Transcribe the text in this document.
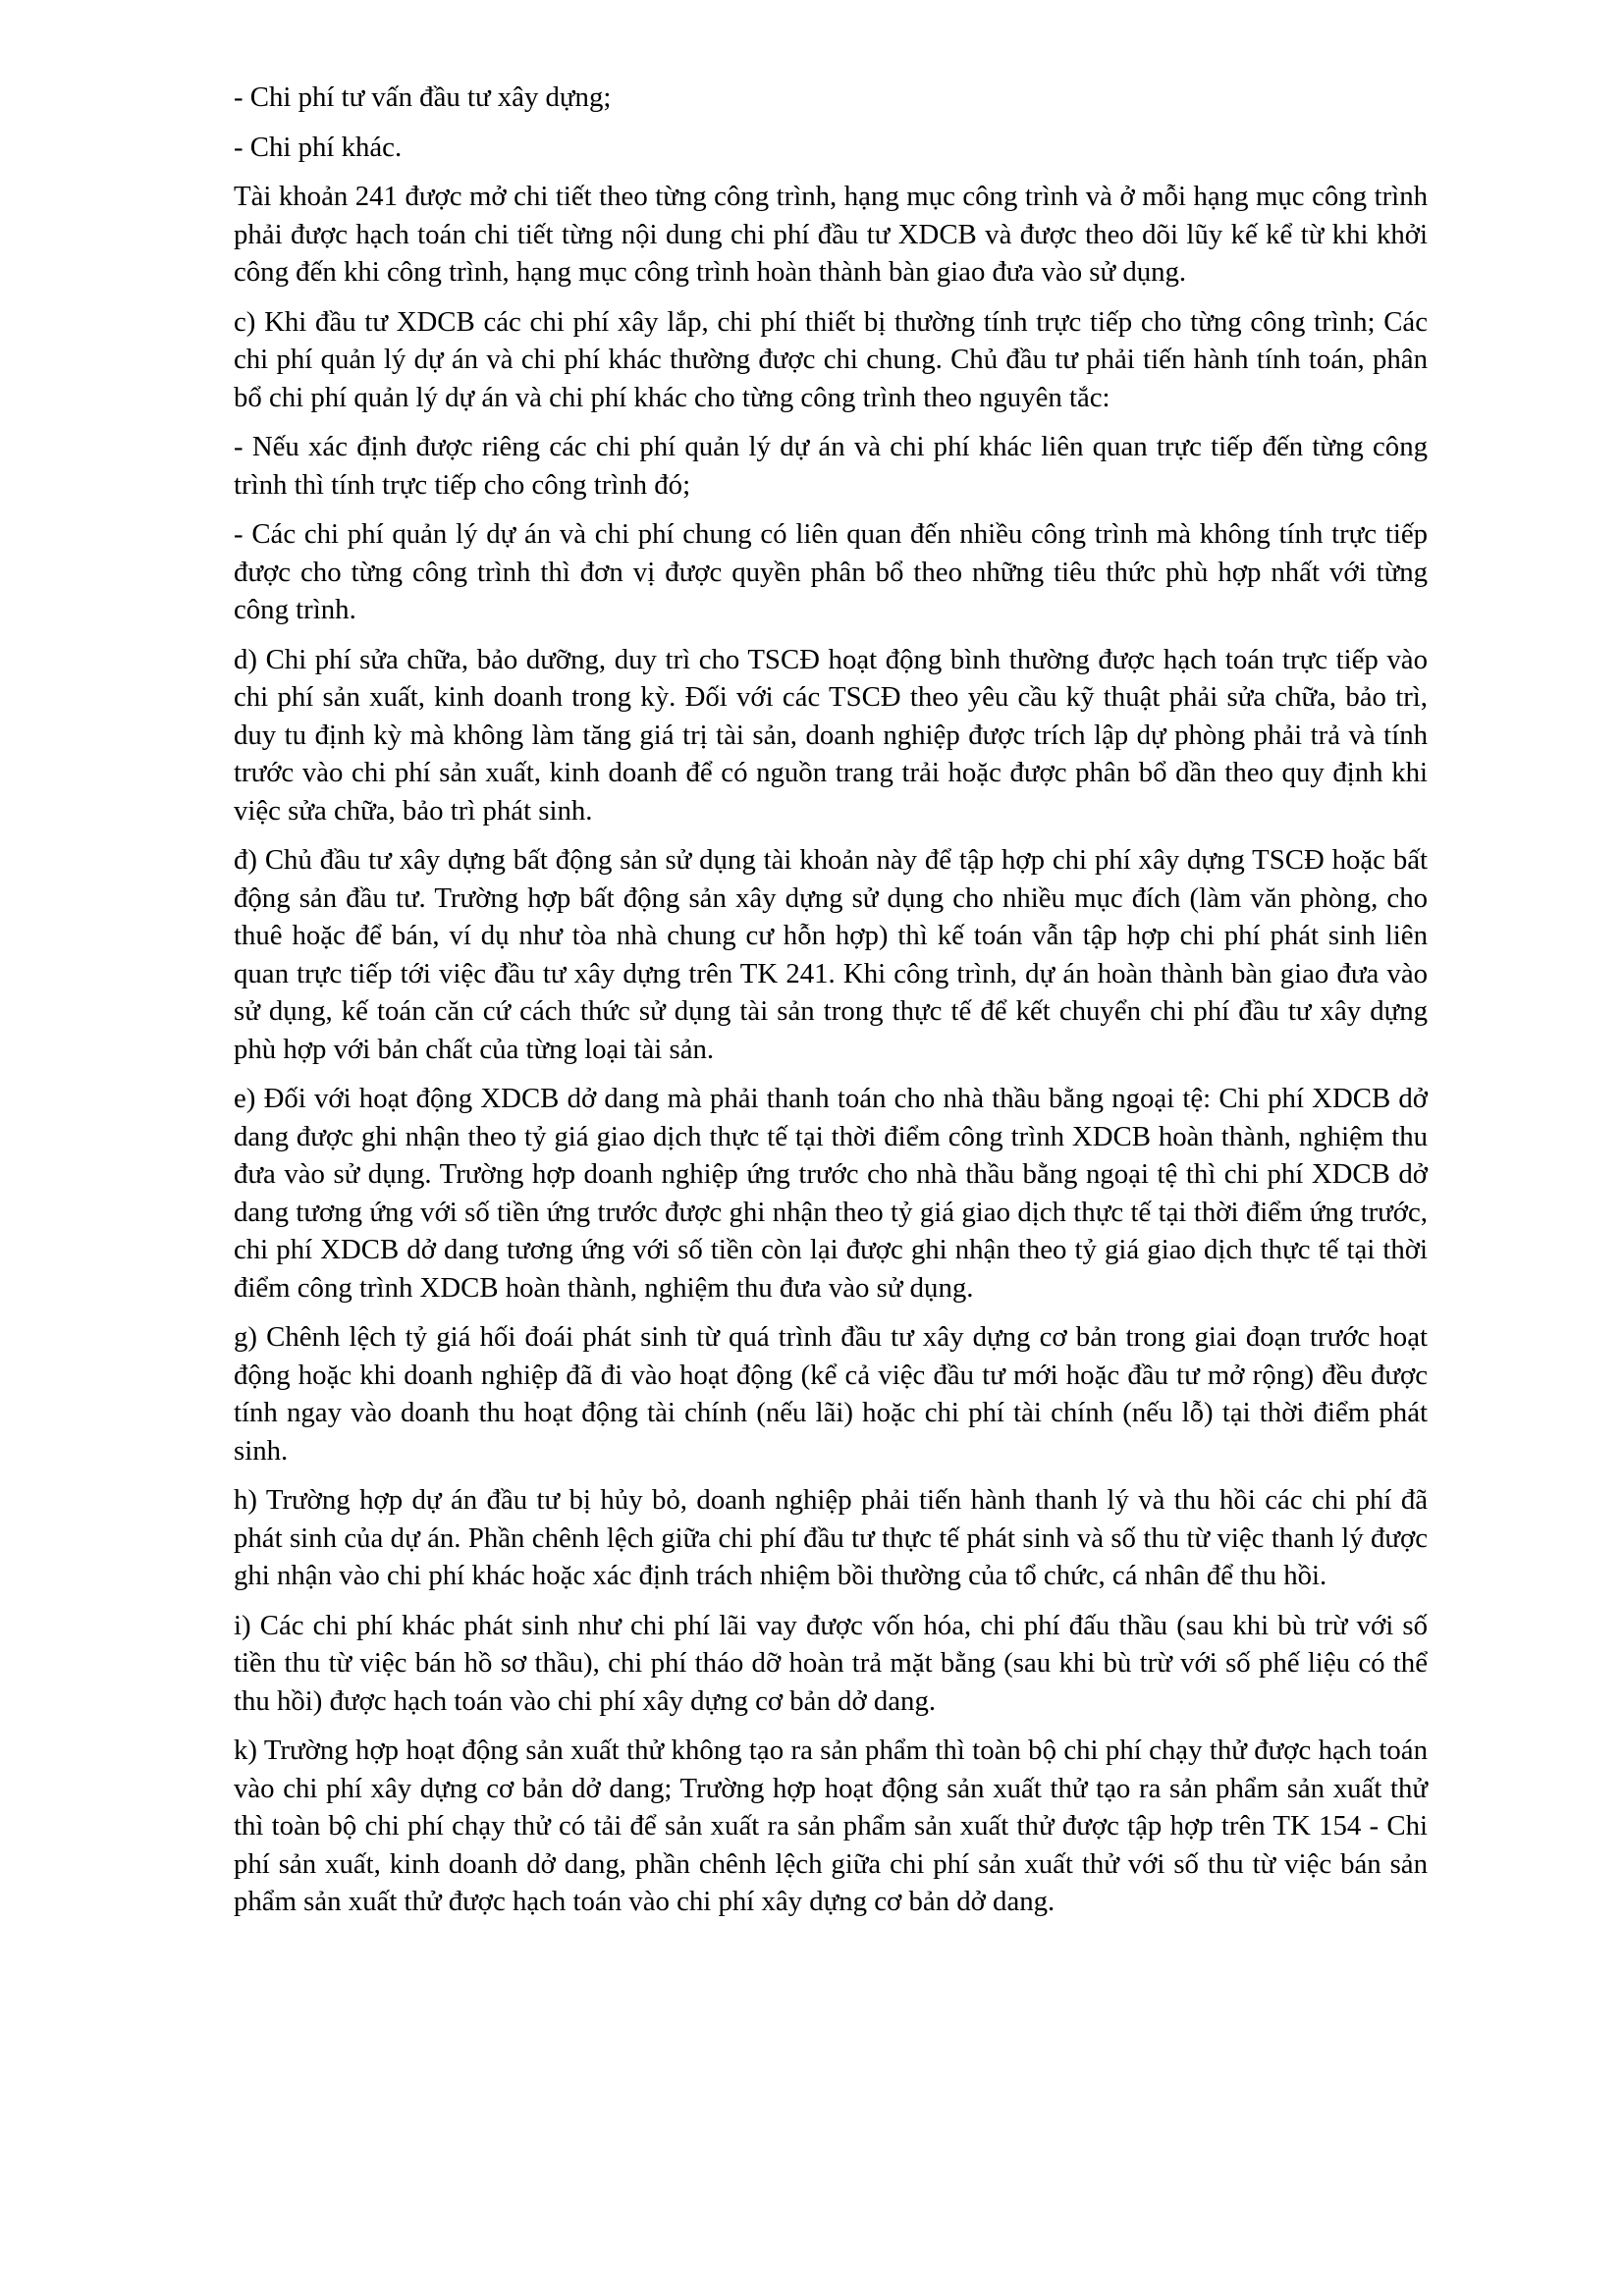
- Chi phí tư vấn đầu tư xây dựng;

- Chi phí khác.

Tài khoản 241 được mở chi tiết theo từng công trình, hạng mục công trình và ở mỗi hạng mục công trình phải được hạch toán chi tiết từng nội dung chi phí đầu tư XDCB và được theo dõi lũy kế kể từ khi khởi công đến khi công trình, hạng mục công trình hoàn thành bàn giao đưa vào sử dụng.

c) Khi đầu tư XDCB các chi phí xây lắp, chi phí thiết bị thường tính trực tiếp cho từng công trình; Các chi phí quản lý dự án và chi phí khác thường được chi chung. Chủ đầu tư phải tiến hành tính toán, phân bổ chi phí quản lý dự án và chi phí khác cho từng công trình theo nguyên tắc:

- Nếu xác định được riêng các chi phí quản lý dự án và chi phí khác liên quan trực tiếp đến từng công trình thì tính trực tiếp cho công trình đó;

- Các chi phí quản lý dự án và chi phí chung có liên quan đến nhiều công trình mà không tính trực tiếp được cho từng công trình thì đơn vị được quyền phân bổ theo những tiêu thức phù hợp nhất với từng công trình.

d) Chi phí sửa chữa, bảo dưỡng, duy trì cho TSCĐ hoạt động bình thường được hạch toán trực tiếp vào chi phí sản xuất, kinh doanh trong kỳ. Đối với các TSCĐ theo yêu cầu kỹ thuật phải sửa chữa, bảo trì, duy tu định kỳ mà không làm tăng giá trị tài sản, doanh nghiệp được trích lập dự phòng phải trả và tính trước vào chi phí sản xuất, kinh doanh để có nguồn trang trải hoặc được phân bổ dần theo quy định khi việc sửa chữa, bảo trì phát sinh.

đ) Chủ đầu tư xây dựng bất động sản sử dụng tài khoản này để tập hợp chi phí xây dựng TSCĐ hoặc bất động sản đầu tư. Trường hợp bất động sản xây dựng sử dụng cho nhiều mục đích (làm văn phòng, cho thuê hoặc để bán, ví dụ như tòa nhà chung cư hỗn hợp) thì kế toán vẫn tập hợp chi phí phát sinh liên quan trực tiếp tới việc đầu tư xây dựng trên TK 241. Khi công trình, dự án hoàn thành bàn giao đưa vào sử dụng, kế toán căn cứ cách thức sử dụng tài sản trong thực tế để kết chuyển chi phí đầu tư xây dựng phù hợp với bản chất của từng loại tài sản.

e) Đối với hoạt động XDCB dở dang mà phải thanh toán cho nhà thầu bằng ngoại tệ: Chi phí XDCB dở dang được ghi nhận theo tỷ giá giao dịch thực tế tại thời điểm công trình XDCB hoàn thành, nghiệm thu đưa vào sử dụng. Trường hợp doanh nghiệp ứng trước cho nhà thầu bằng ngoại tệ thì chi phí XDCB dở dang tương ứng với số tiền ứng trước được ghi nhận theo tỷ giá giao dịch thực tế tại thời điểm ứng trước, chi phí XDCB dở dang tương ứng với số tiền còn lại được ghi nhận theo tỷ giá giao dịch thực tế tại thời điểm công trình XDCB hoàn thành, nghiệm thu đưa vào sử dụng.

g) Chênh lệch tỷ giá hối đoái phát sinh từ quá trình đầu tư xây dựng cơ bản trong giai đoạn trước hoạt động hoặc khi doanh nghiệp đã đi vào hoạt động (kể cả việc đầu tư mới hoặc đầu tư mở rộng) đều được tính ngay vào doanh thu hoạt động tài chính (nếu lãi) hoặc chi phí tài chính (nếu lỗ) tại thời điểm phát sinh.

h) Trường hợp dự án đầu tư bị hủy bỏ, doanh nghiệp phải tiến hành thanh lý và thu hồi các chi phí đã phát sinh của dự án. Phần chênh lệch giữa chi phí đầu tư thực tế phát sinh và số thu từ việc thanh lý được ghi nhận vào chi phí khác hoặc xác định trách nhiệm bồi thường của tổ chức, cá nhân để thu hồi.

i) Các chi phí khác phát sinh như chi phí lãi vay được vốn hóa, chi phí đấu thầu (sau khi bù trừ với số tiền thu từ việc bán hồ sơ thầu), chi phí tháo dỡ hoàn trả mặt bằng (sau khi bù trừ với số phế liệu có thể thu hồi) được hạch toán vào chi phí xây dựng cơ bản dở dang.

k) Trường hợp hoạt động sản xuất thử không tạo ra sản phẩm thì toàn bộ chi phí chạy thử được hạch toán vào chi phí xây dựng cơ bản dở dang; Trường hợp hoạt động sản xuất thử tạo ra sản phẩm sản xuất thử thì toàn bộ chi phí chạy thử có tải để sản xuất ra sản phẩm sản xuất thử được tập hợp trên TK 154 - Chi phí sản xuất, kinh doanh dở dang, phần chênh lệch giữa chi phí sản xuất thử với số thu từ việc bán sản phẩm sản xuất thử được hạch toán vào chi phí xây dựng cơ bản dở dang.
